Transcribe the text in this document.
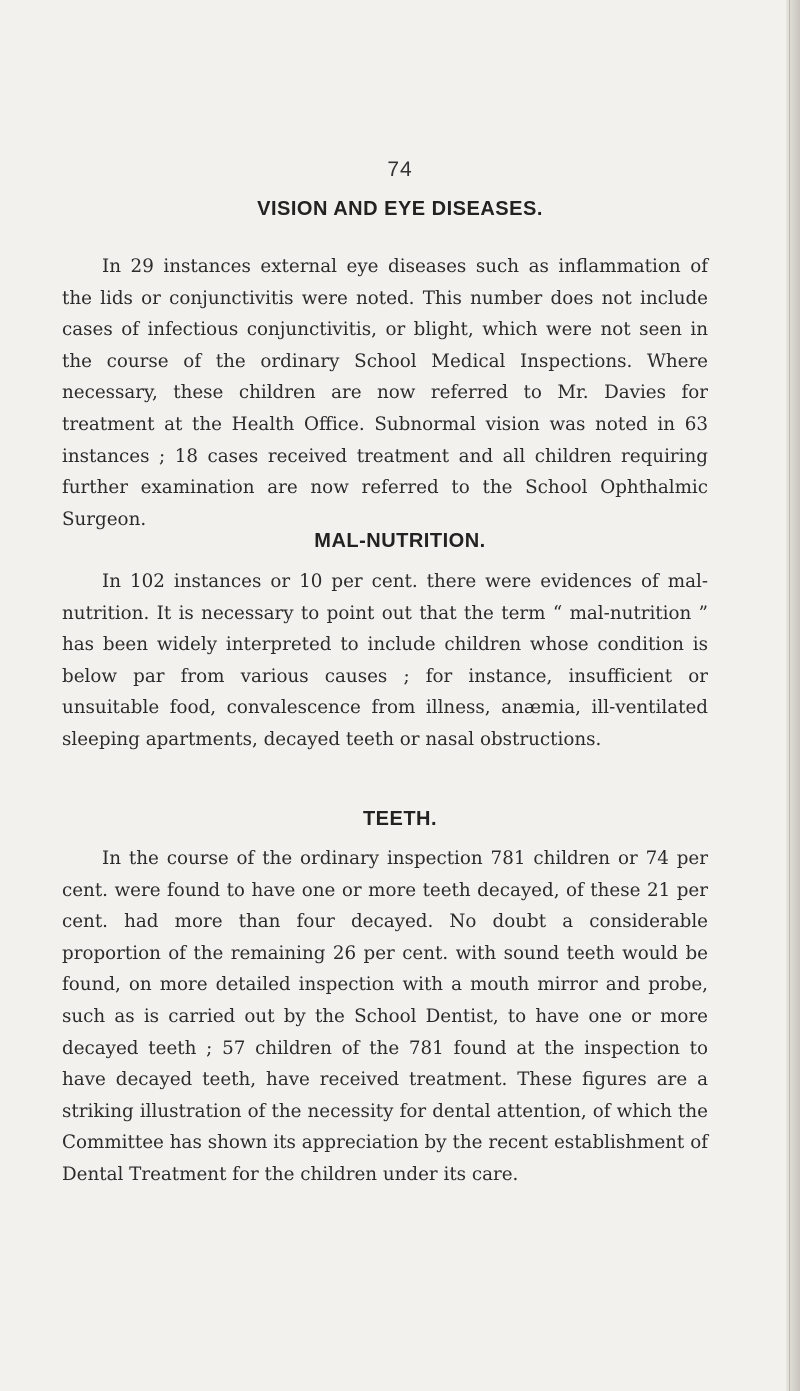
74
VISION AND EYE DISEASES.

In 29 instances external eye diseases such as inflammation of the lids or conjunctivitis were noted. This number does not include cases of infectious conjunctivitis, or blight, which were not seen in the course of the ordinary School Medical Inspections. Where necessary, these children are now referred to Mr. Davies for treatment at the Health Office. Subnormal vision was noted in 63 instances ; 18 cases received treatment and all children requiring further examination are now referred to the School Ophthalmic Surgeon.

MAL-NUTRITION.

In 102 instances or 10 per cent. there were evidences of mal-nutrition. It is necessary to point out that the term “ mal-nutrition ” has been widely interpreted to include children whose condition is below par from various causes ; for instance, insufficient or unsuitable food, convalescence from illness, anæmia, ill-ventilated sleeping apartments, decayed teeth or nasal obstructions.

TEETH.

In the course of the ordinary inspection 781 children or 74 per cent. were found to have one or more teeth decayed, of these 21 per cent. had more than four decayed. No doubt a considerable proportion of the remaining 26 per cent. with sound teeth would be found, on more detailed inspection with a mouth mirror and probe, such as is carried out by the School Dentist, to have one or more decayed teeth ; 57 children of the 781 found at the inspection to have decayed teeth, have received treatment. These figures are a striking illustration of the necessity for dental attention, of which the Committee has shown its appreciation by the recent establishment of Dental Treatment for the children under its care.
